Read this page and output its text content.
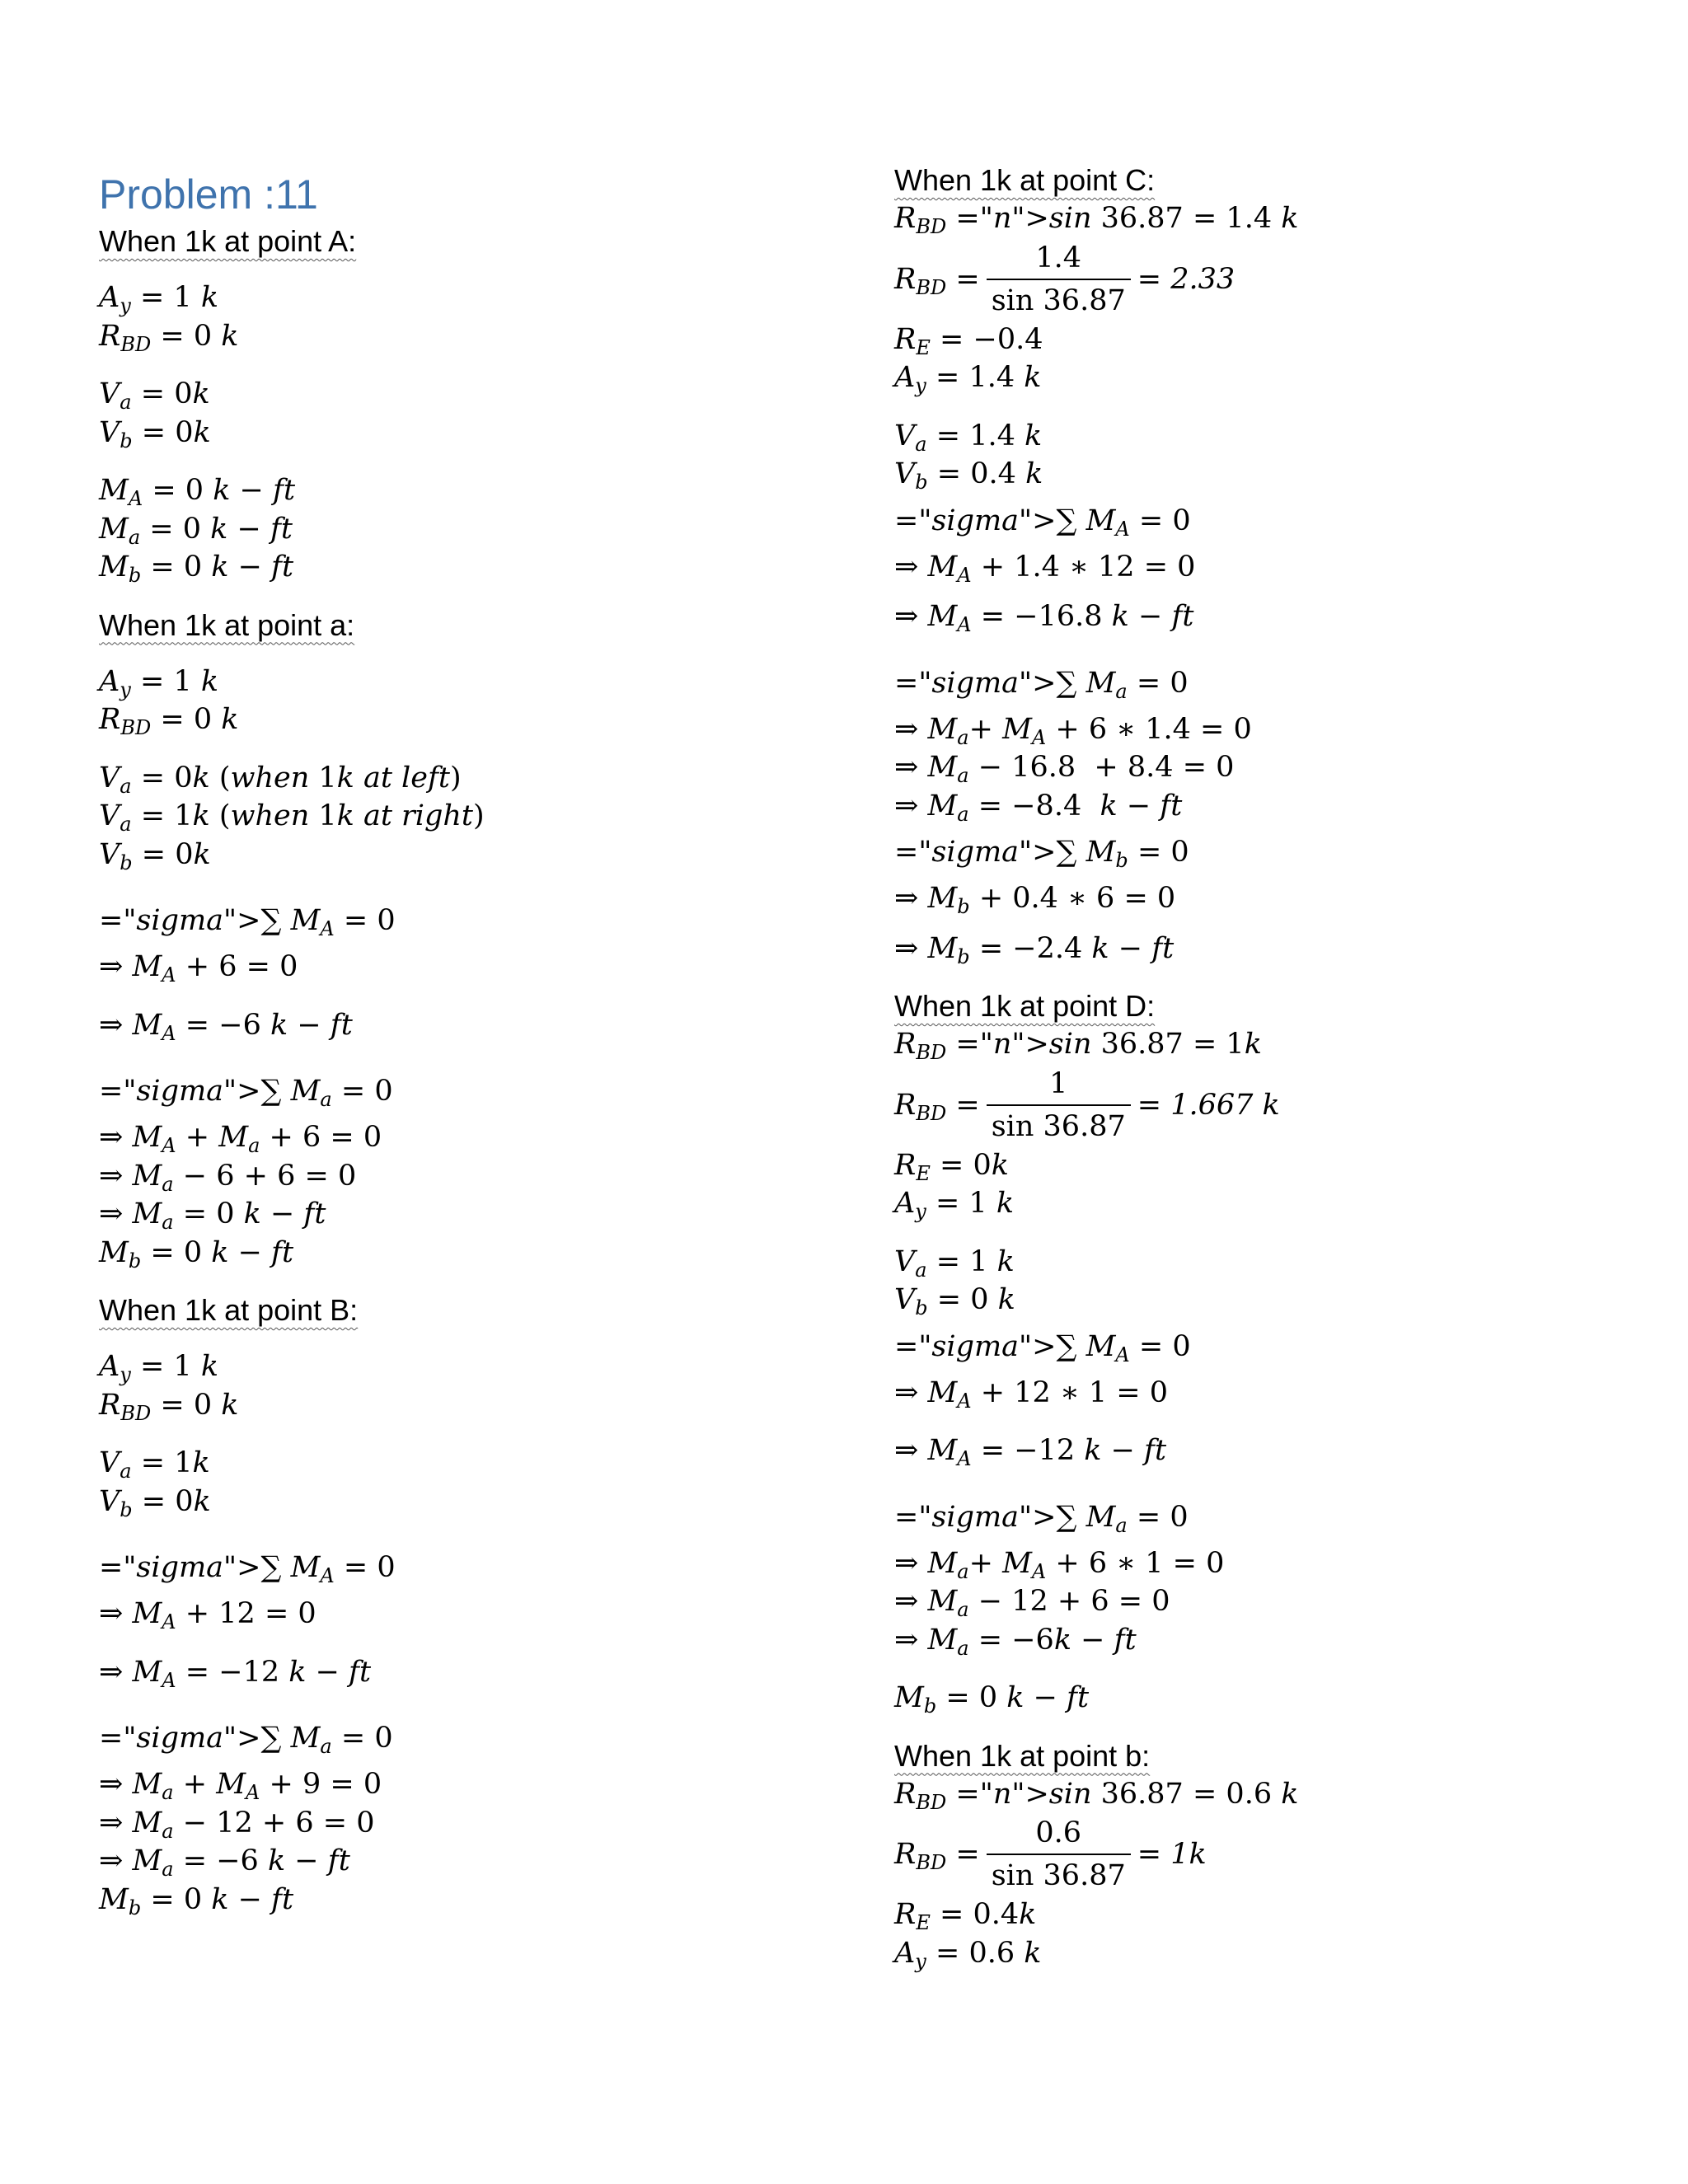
Problem :11
When 1k at point A:
$A_y = 1$ k
$R_{BD} = 0$ k
$V_a = 0k$
$V_b = 0k$
$M_A = 0$ k − ft
$M_a = 0$ k − ft
$M_b = 0$ k − ft
When 1k at point a:
$A_y = 1$ k
$R_{BD} = 0$ k
$V_a = 0k$ (when 1k at left)
$V_a = 1k$ (when 1k at right)
$V_b = 0k$
="sigma">∑ $M_A = 0$
⇒ $M_A + 6 = 0$
⇒ $M_A = -6$ k − ft
="sigma">∑ $M_a = 0$
⇒ $M_A + M_a + 6 = 0$
⇒ $M_a - 6 + 6 = 0$
⇒ $M_a = 0$ k − ft
$M_b = 0$ k − ft
When 1k at point B:
$A_y = 1$ k
$R_{BD} = 0$ k
$V_a = 1k$
$V_b = 0k$
="sigma">∑ $M_A = 0$
⇒ $M_A + 12 = 0$
⇒ $M_A = -12$ k − ft
="sigma">∑ $M_a = 0$
⇒ $M_a + M_A + 9 = 0$
⇒ $M_a - 12 + 6 = 0$
⇒ $M_a = -6$ k − ft
$M_b = 0$ k − ft
When 1k at point C:
$R_{BD}$ ="n">sin 36.87 = 1.4 k
$R_{BD} = \frac{1.4}{\sin 36.87} = 2.33$
$R_E = -0.4$
$A_y = 1.4$ k
$V_a = 1.4$ k
$V_b = 0.4$ k
="sigma">∑ $M_A = 0$
⇒ $M_A + 1.4$ ∗ 12 = 0
⇒ $M_A = -16.8$ k − ft
="sigma">∑ $M_a = 0$
⇒ $M_a+ M_A + 6$ ∗ 1.4 = 0
⇒ $M_a - 16.8 + 8.4 = 0$
⇒ $M_a = -8.4$  k − ft
="sigma">∑ $M_b = 0$
⇒ $M_b + 0.4$ ∗ 6 = 0
⇒ $M_b = -2.4$ k − ft
When 1k at point D:
$R_{BD}$ ="n">sin 36.87 = 1k
$R_{BD} = \frac{1}{\sin 36.87} = 1.667$ k
$R_E = 0k$
$A_y = 1$ k
$V_a = 1$ k
$V_b = 0$ k
="sigma">∑ $M_A = 0$
⇒ $M_A + 12$ ∗ 1 = 0
⇒ $M_A = -12$ k − ft
="sigma">∑ $M_a = 0$
⇒ $M_a+ M_A + 6$ ∗ 1 = 0
⇒ $M_a - 12 + 6 = 0$
⇒ $M_a = -6k$ − ft
$M_b = 0$ k − ft
When 1k at point b:
$R_{BD}$ ="n">sin 36.87 = 0.6 k
$R_{BD} = \frac{0.6}{\sin 36.87} = 1k$
$R_E = 0.4k$
$A_y = 0.6$ k
